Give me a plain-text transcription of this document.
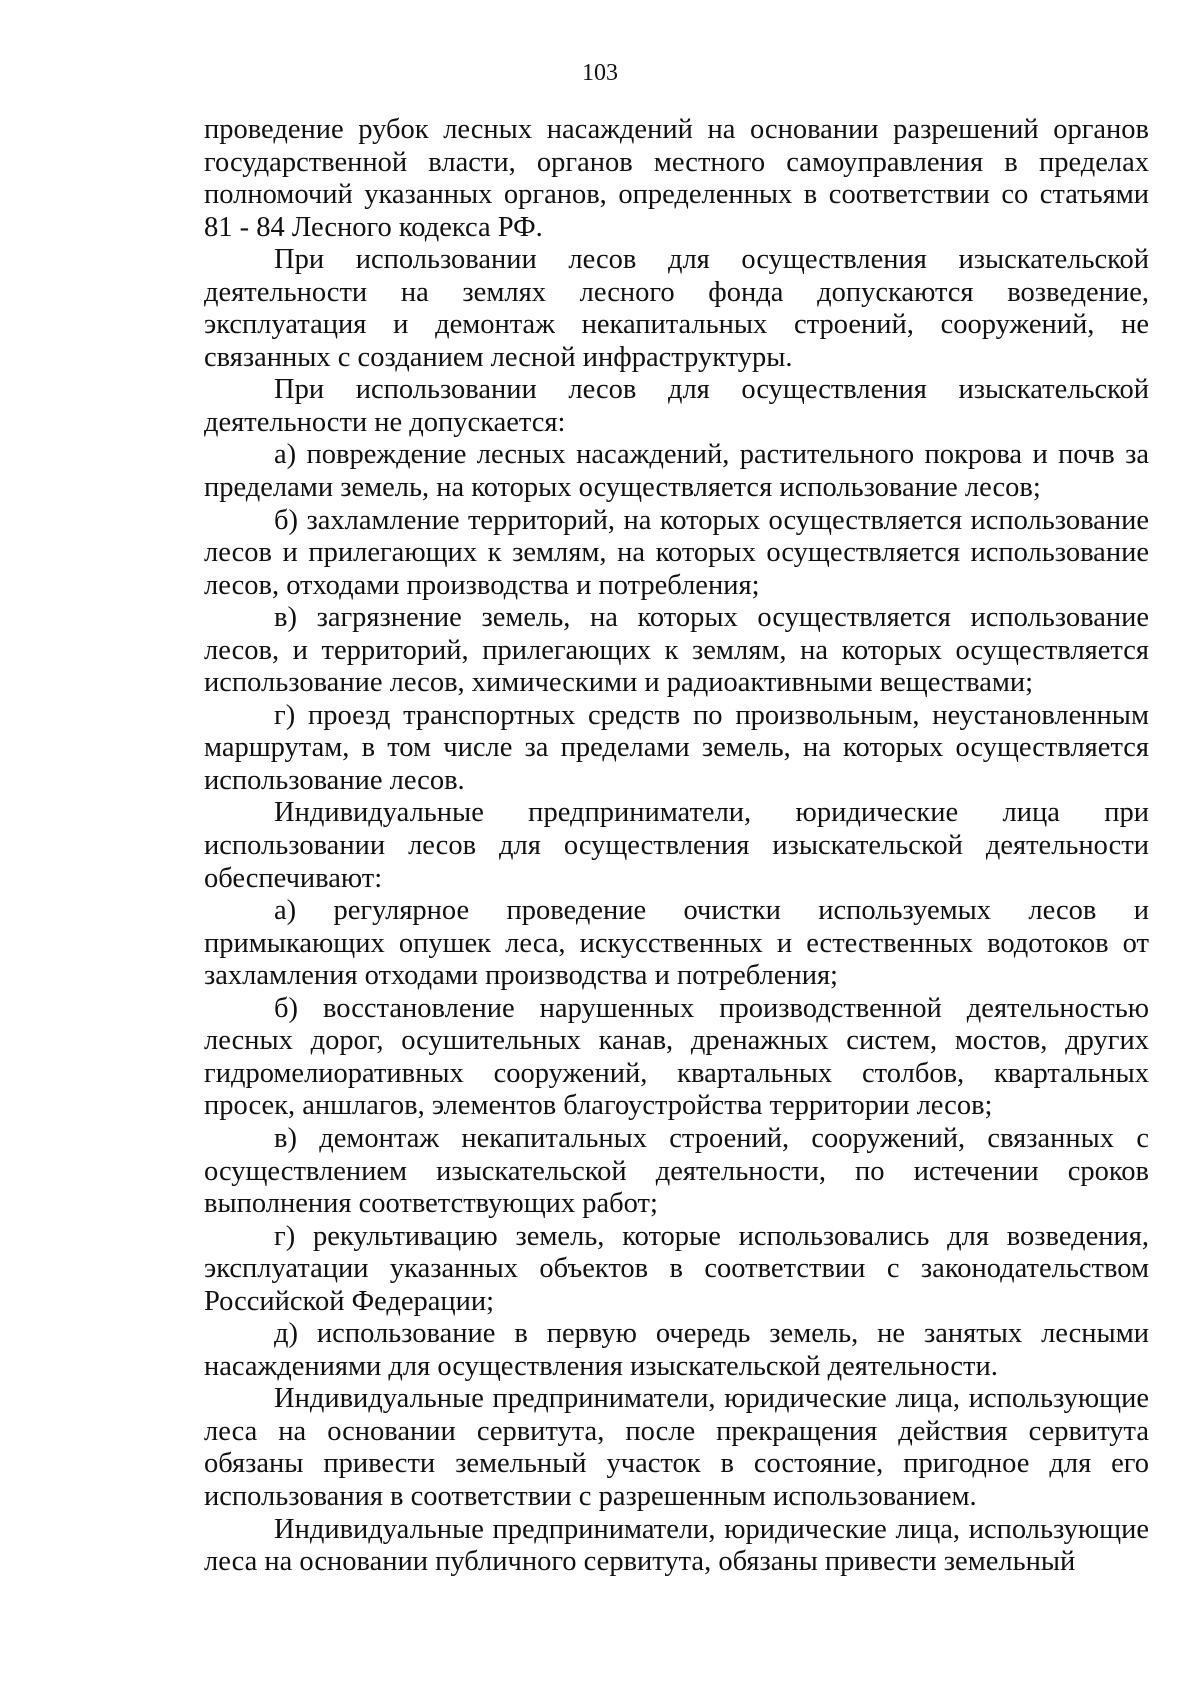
103

проведение рубок лесных насаждений на основании разрешений органов государственной власти, органов местного самоуправления в пределах полномочий указанных органов, определенных в соответствии со статьями 81 - 84 Лесного кодекса РФ.

При использовании лесов для осуществления изыскательской деятельности на землях лесного фонда допускаются возведение, эксплуатация и демонтаж некапитальных строений, сооружений, не связанных с созданием лесной инфраструктуры.

При использовании лесов для осуществления изыскательской деятельности не допускается:

а) повреждение лесных насаждений, растительного покрова и почв за пределами земель, на которых осуществляется использование лесов;

б) захламление территорий, на которых осуществляется использование лесов и прилегающих к землям, на которых осуществляется использование лесов, отходами производства и потребления;

в) загрязнение земель, на которых осуществляется использование лесов, и территорий, прилегающих к землям, на которых осуществляется использование лесов, химическими и радиоактивными веществами;

г) проезд транспортных средств по произвольным, неустановленным маршрутам, в том числе за пределами земель, на которых осуществляется использование лесов.

Индивидуальные предприниматели, юридические лица при использовании лесов для осуществления изыскательской деятельности обеспечивают:

а) регулярное проведение очистки используемых лесов и примыкающих опушек леса, искусственных и естественных водотоков от захламления отходами производства и потребления;

б) восстановление нарушенных производственной деятельностью лесных дорог, осушительных канав, дренажных систем, мостов, других гидромелиоративных сооружений, квартальных столбов, квартальных просек, аншлагов, элементов благоустройства территории лесов;

в) демонтаж некапитальных строений, сооружений, связанных с осуществлением изыскательской деятельности, по истечении сроков выполнения соответствующих работ;

г) рекультивацию земель, которые использовались для возведения, эксплуатации указанных объектов в соответствии с законодательством Российской Федерации;

д) использование в первую очередь земель, не занятых лесными насаждениями для осуществления изыскательской деятельности.

Индивидуальные предприниматели, юридические лица, использующие леса на основании сервитута, после прекращения действия сервитута обязаны привести земельный участок в состояние, пригодное для его использования в соответствии с разрешенным использованием.

Индивидуальные предприниматели, юридические лица, использующие леса на основании публичного сервитута, обязаны привести земельный
